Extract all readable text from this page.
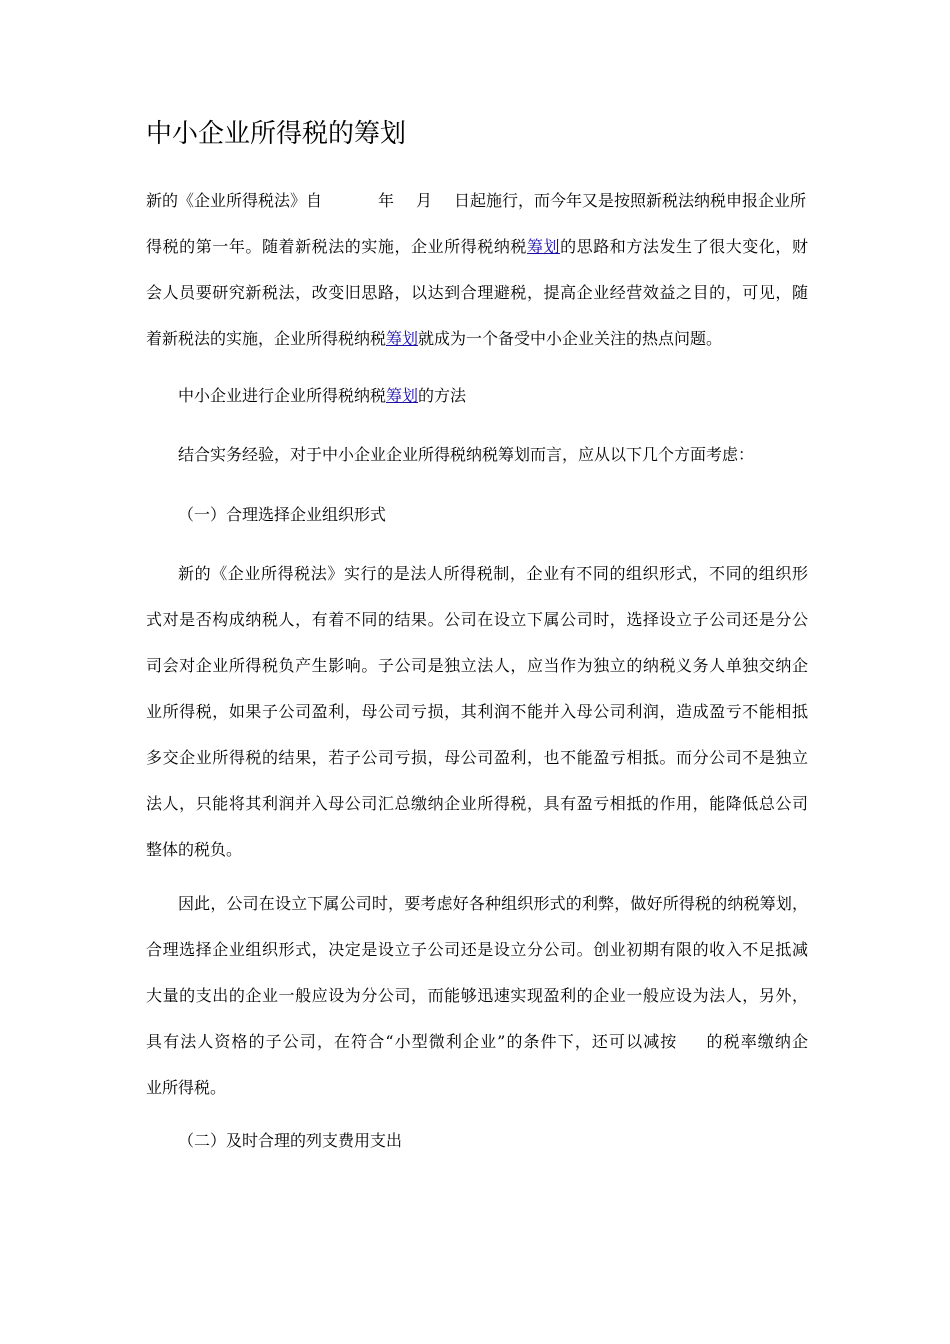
中小企业所得税的筹划
新的《企业所得税法》自	年 月 日起施行，而今年又是按照新税法纳税申报企业所
得税的第一年。随着新税法的实施，企业所得税纳税筹划的思路和方法发生了很大变化，财
会人员要研究新税法，改变旧思路，以达到合理避税，提高企业经营效益之目的，可见，随
着新税法的实施，企业所得税纳税筹划就成为一个备受中小企业关注的热点问题。

中小企业进行企业所得税纳税筹划的方法

结合实务经验，对于中小企业企业所得税纳税筹划而言，应从以下几个方面考虑：

（一）合理选择企业组织形式

新的《企业所得税法》实行的是法人所得税制，企业有不同的组织形式，不同的组织形
式对是否构成纳税人，有着不同的结果。公司在设立下属公司时，选择设立子公司还是分公
司会对企业所得税负产生影响。子公司是独立法人，应当作为独立的纳税义务人单独交纳企
业所得税，如果子公司盈利，母公司亏损，其利润不能并入母公司利润，造成盈亏不能相抵
多交企业所得税的结果，若子公司亏损，母公司盈利，也不能盈亏相抵。而分公司不是独立
法人，只能将其利润并入母公司汇总缴纳企业所得税，具有盈亏相抵的作用，能降低总公司
整体的税负。
因此，公司在设立下属公司时，要考虑好各种组织形式的利弊，做好所得税的纳税筹划，
合理选择企业组织形式，决定是设立子公司还是设立分公司。创业初期有限的收入不足抵减
大量的支出的企业一般应设为分公司，而能够迅速实现盈利的企业一般应设为法人，另外，
具有法人资格的子公司，在符合“小型微利企业”的条件下，还可以减按 的税率缴纳企
业所得税。

（二）及时合理的列支费用支出
